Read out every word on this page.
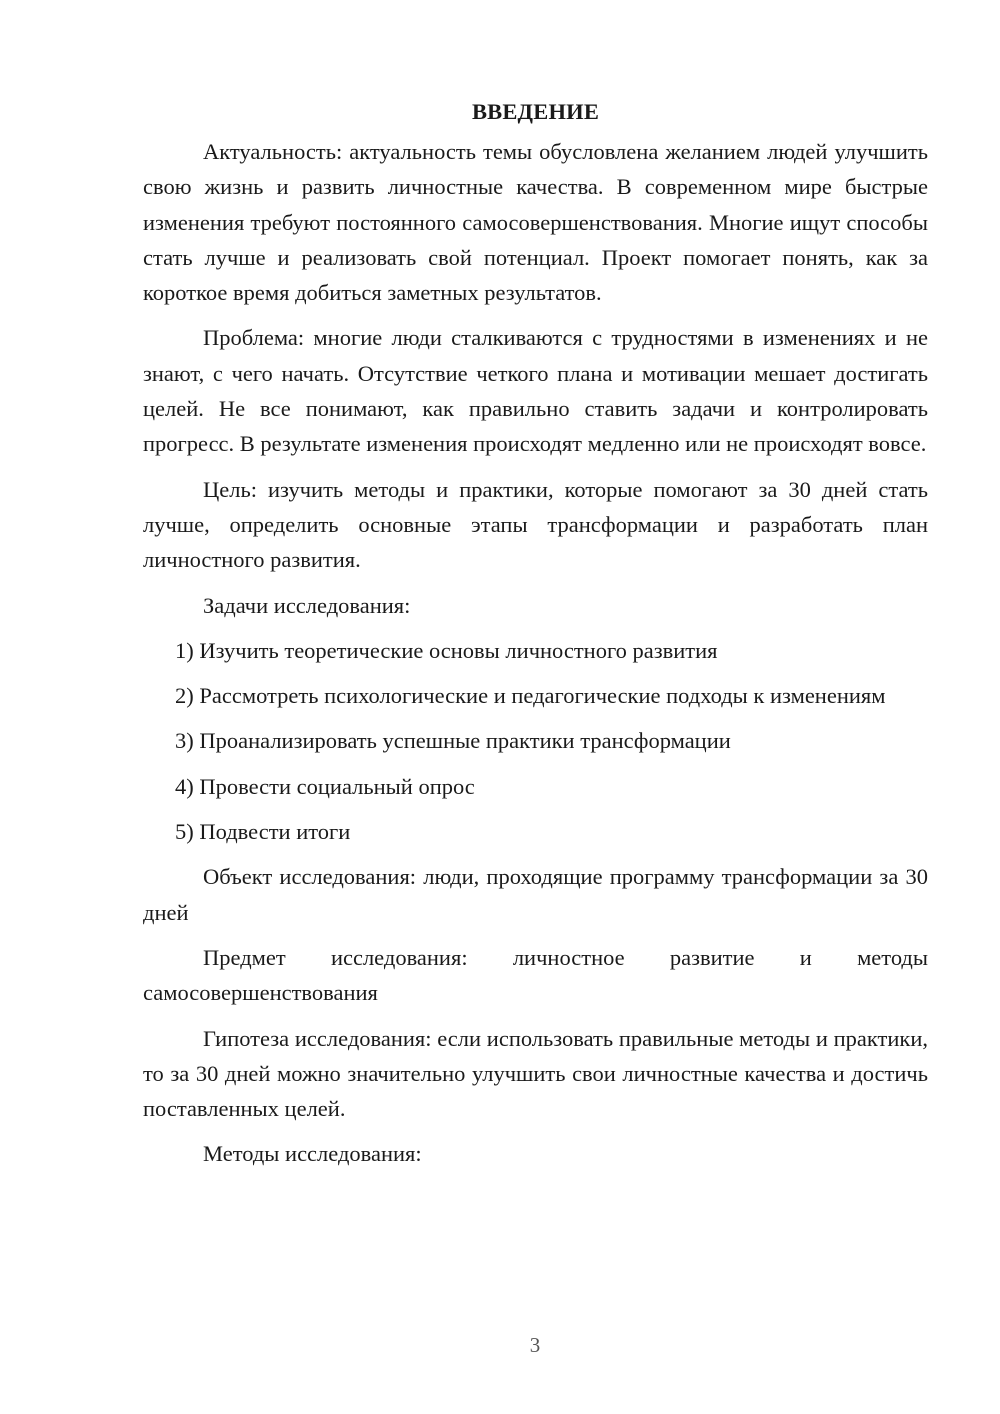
ВВЕДЕНИЕ

Актуальность: актуальность темы обусловлена желанием людей улучшить свою жизнь и развить личностные качества. В современном мире быстрые изменения требуют постоянного самосовершенствования. Многие ищут способы стать лучше и реализовать свой потенциал. Проект помогает понять, как за короткое время добиться заметных результатов.

Проблема: многие люди сталкиваются с трудностями в изменениях и не знают, с чего начать. Отсутствие четкого плана и мотивации мешает достигать целей. Не все понимают, как правильно ставить задачи и контролировать прогресс. В результате изменения происходят медленно или не происходят вовсе.

Цель: изучить методы и практики, которые помогают за 30 дней стать лучше, определить основные этапы трансформации и разработать план личностного развития.

Задачи исследования:

1) Изучить теоретические основы личностного развития

2) Рассмотреть психологические и педагогические подходы к изменениям

3) Проанализировать успешные практики трансформации

4) Провести социальный опрос

5) Подвести итоги

Объект исследования: люди, проходящие программу трансформации за 30 дней

Предмет исследования: личностное развитие и методы самосовершенствования

Гипотеза исследования: если использовать правильные методы и практики, то за 30 дней можно значительно улучшить свои личностные качества и достичь поставленных целей.

Методы исследования:

3
